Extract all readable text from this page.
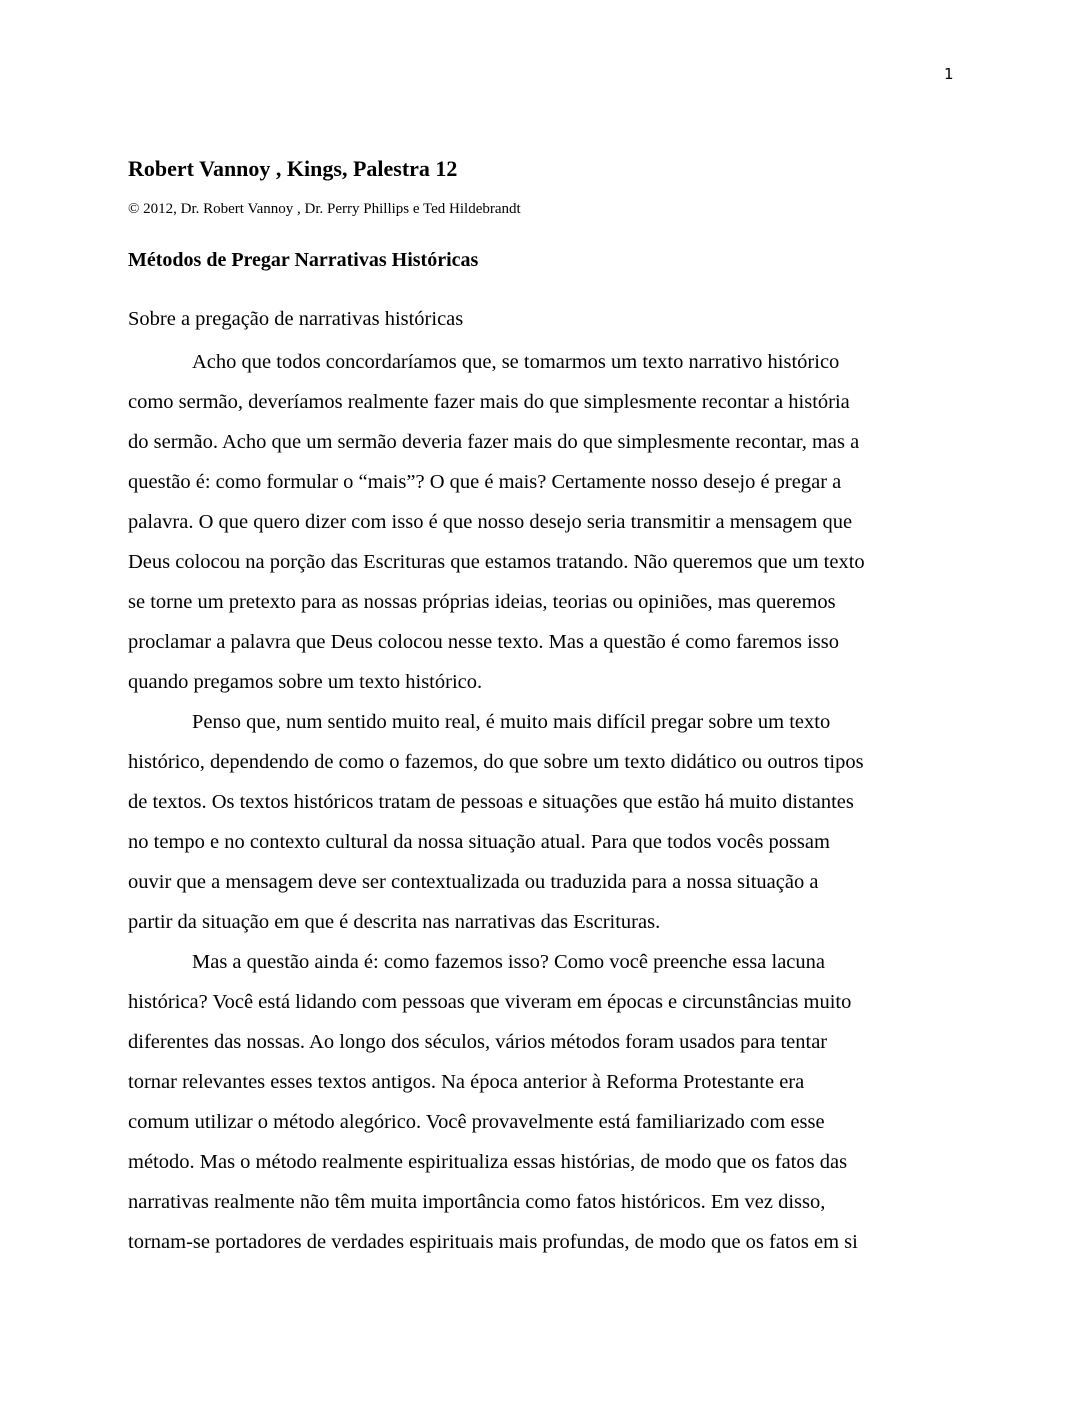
1
Robert Vannoy , Kings, Palestra 12
© 2012, Dr. Robert Vannoy , Dr. Perry Phillips e Ted Hildebrandt
Métodos de Pregar Narrativas Históricas
Sobre a pregação de narrativas históricas
Acho que todos concordaríamos que, se tomarmos um texto narrativo histórico
como sermão, deveríamos realmente fazer mais do que simplesmente recontar a história
do sermão. Acho que um sermão deveria fazer mais do que simplesmente recontar, mas a
questão é: como formular o “mais”? O que é mais? Certamente nosso desejo é pregar a
palavra. O que quero dizer com isso é que nosso desejo seria transmitir a mensagem que
Deus colocou na porção das Escrituras que estamos tratando. Não queremos que um texto
se torne um pretexto para as nossas próprias ideias, teorias ou opiniões, mas queremos
proclamar a palavra que Deus colocou nesse texto. Mas a questão é como faremos isso
quando pregamos sobre um texto histórico.
Penso que, num sentido muito real, é muito mais difícil pregar sobre um texto
histórico, dependendo de como o fazemos, do que sobre um texto didático ou outros tipos
de textos. Os textos históricos tratam de pessoas e situações que estão há muito distantes
no tempo e no contexto cultural da nossa situação atual. Para que todos vocês possam
ouvir que a mensagem deve ser contextualizada ou traduzida para a nossa situação a
partir da situação em que é descrita nas narrativas das Escrituras.
Mas a questão ainda é: como fazemos isso? Como você preenche essa lacuna
histórica? Você está lidando com pessoas que viveram em épocas e circunstâncias muito
diferentes das nossas. Ao longo dos séculos, vários métodos foram usados para tentar
tornar relevantes esses textos antigos. Na época anterior à Reforma Protestante era
comum utilizar o método alegórico. Você provavelmente está familiarizado com esse
método. Mas o método realmente espiritualiza essas histórias, de modo que os fatos das
narrativas realmente não têm muita importância como fatos históricos. Em vez disso,
tornam-se portadores de verdades espirituais mais profundas, de modo que os fatos em si
